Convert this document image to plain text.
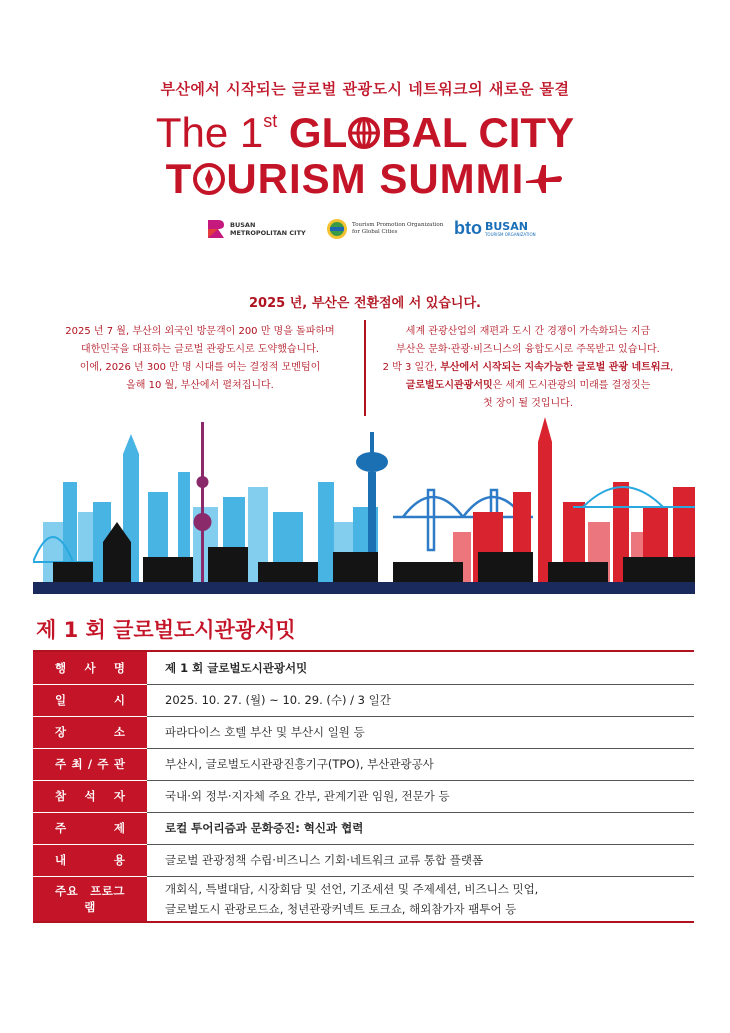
부산에서 시작되는 글로벌 관광도시 네트워크의 새로운 물결
The 1st GL BAL CITY
T URISM SUMMI
BUSAN
METROPOLITAN CITY
Tourism Promotion Organization
for Global Cities	bto BUSAN
TOURISM ORGANIZATION
2025 년, 부산은 전환점에 서 있습니다.
2025 년 7 월, 부산의 외국인 방문객이 200 만 명을 돌파하며
대한민국을 대표하는 글로벌 관광도시로 도약했습니다.
이에, 2026 년 300 만 명 시대를 여는 결정적 모멘텀이
올해 10 월, 부산에서 펼쳐집니다.
세계 관광산업의 재편과 도시 간 경쟁이 가속화되는 지금
부산은 문화·관광·비즈니스의 융합도시로 주목받고 있습니다.
2 박 3 일간, 부산에서 시작되는 지속가능한 글로벌 관광 네트워크,
글로벌도시관광서밋은 세계 도시관광의 미래를 결정짓는
첫 장이 될 것입니다.
제 1 회 글로벌도시관광서밋
행 사 명	제 1 회 글로벌도시관광서밋
일 시	2025. 10. 27. (월) ~ 10. 29. (수) / 3 일간
장 소	파라다이스 호텔 부산 및 부산시 일원 등
주 최 / 주 관	부산시, 글로벌도시관광진흥기구(TPO), 부산관광공사
참 석 자	국내·외 정부·지자체 주요 간부, 관계기관 임원, 전문가 등
주 제	로컬 투어리즘과 문화증진: 혁신과 협력
내 용	글로벌 관광정책 수립·비즈니스 기회·네트워크 교류 통합 플랫폼
주요 프로그램	개회식, 특별대담, 시장회담 및 선언, 기조세션 및 주제세션, 비즈니스 밋업,
글로벌도시 관광로드쇼, 청년관광커넥트 토크쇼, 해외참가자 팸투어 등
